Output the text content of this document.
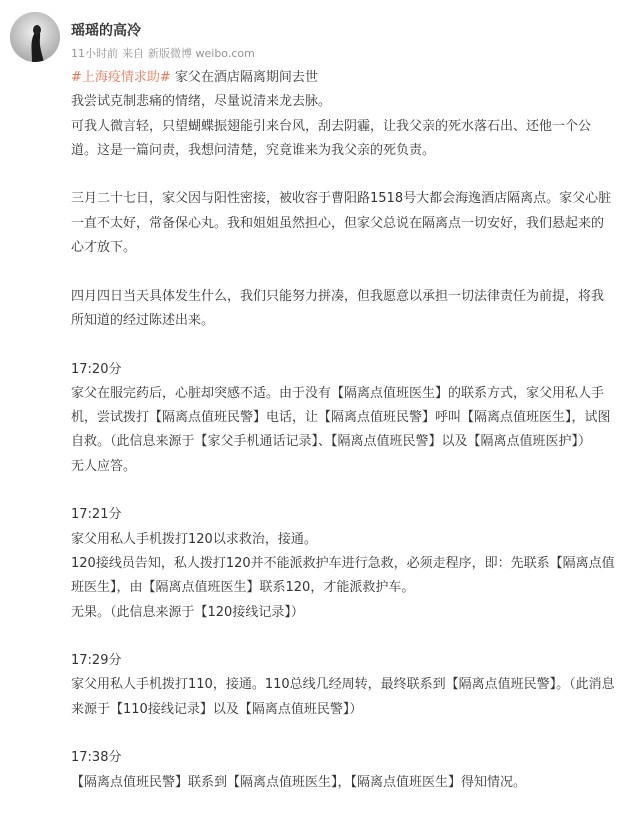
瑶瑶的高冷
11小时前 来自 新版微博 weibo.com

#上海疫情求助# 家父在酒店隔离期间去世

我尝试克制悲痛的情绪，尽量说清来龙去脉。

可我人微言轻，只望蝴蝶振翅能引来台风，刮去阴霾，让我父亲的死水落石出、还他一个公道。这是一篇问责，我想问清楚，究竟谁来为我父亲的死负责。

三月二十七日，家父因与阳性密接，被收容于曹阳路1518号大都会海逸酒店隔离点。家父心脏一直不太好，常备保心丸。我和姐姐虽然担心，但家父总说在隔离点一切安好，我们悬起来的心才放下。

四月四日当天具体发生什么，我们只能努力拼凑，但我愿意以承担一切法律责任为前提，将我所知道的经过陈述出来。

17:20分

家父在服完药后，心脏却突感不适。由于没有【隔离点值班医生】的联系方式，家父用私人手机，尝试拨打【隔离点值班民警】电话，让【隔离点值班民警】呼叫【隔离点值班医生】，试图自救。（此信息来源于【家父手机通话记录】、【隔离点值班民警】以及【隔离点值班医护】）

无人应答。

17:21分

家父用私人手机拨打120以求救治，接通。

120接线员告知，私人拨打120并不能派救护车进行急救，必须走程序，即：先联系【隔离点值班医生】，由【隔离点值班医生】联系120，才能派救护车。

无果。（此信息来源于【120接线记录】）

17:29分

家父用私人手机拨打110，接通。110总线几经周转，最终联系到【隔离点值班民警】。（此消息来源于【110接线记录】以及【隔离点值班民警】）

17:38分

【隔离点值班民警】联系到【隔离点值班医生】，【隔离点值班医生】得知情况。
